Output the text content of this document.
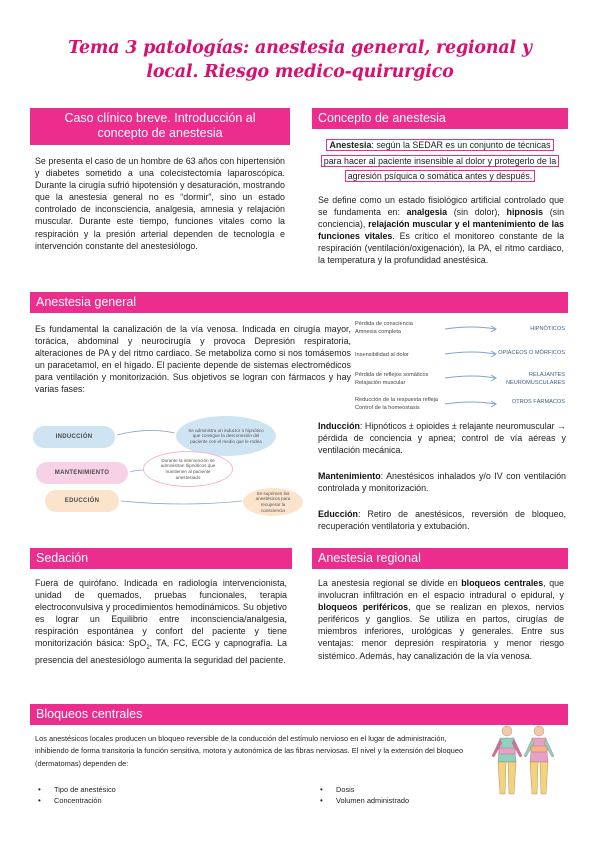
Tema 3 patologías: anestesia general, regional y local. Riesgo medico-quirurgico
Caso clínico breve. Introducción al
concepto de anestesia
Se presenta el caso de un hombre de 63 años con hipertensión y diabetes sometido a una colecistectomía laparoscópica. Durante la cirugía sufrió hipotensión y desaturación, mostrando que la anestesia general no es “dormir”, sino un estado controlado de inconsciencia, analgesia, amnesia y relajación muscular. Durante este tiempo, funciones vitales como la respiración y la presión arterial dependen de tecnología e intervención constante del anestesiólogo.
Concepto de anestesia
Anestesia: según la SEDAR es un conjunto de técnicas
para hacer al paciente insensible al dolor y protegerlo de la
agresión psíquica o somática antes y después.
Se define como un estado fisiológico artificial controlado que se fundamenta en: analgesia (sin dolor), hipnosis (sin conciencia), relajación muscular y el mantenimiento de las funciones vitales. Es crítico el monitoreo constante de la respiración (ventilación/oxigenación), la PA, el ritmo cardiaco, la temperatura y la profundidad anestésica.
Anestesia general
Es fundamental la canalización de la vía venosa. Indicada en cirugía mayor, torácica, abdominal y neurocirugía y provoca Depresión respiratoria, alteraciones de PA y del ritmo cardiaco. Se metaboliza como si nos tomásemos un paracetamol, en el hígado. El paciente depende de sistemas electromédicos para ventilación y monitorización. Sus objetivos se logran con fármacos y hay varias fases:
Pérdida de consciencia
Amnesia completa	HIPNÓTICOS
Insensibilidad al dolor	OPIÁCEOS O MÓRFICOS
Pérdida de reflejos somáticos
Relajación muscular
RELAJANTES
NEUROMUSCULARES
Reducción de la respuesta refleja
Control de la homeostasis
OTROS FÁRMACOS
INDUCCIÓN
MANTENIMIENTO
EDUCCIÓN
Se administra un inductor o hipnótico que consigue la desconexión del paciente con el medio que le rodea
Durante la intervención se administran hipnóticos que mantienen al paciente anestesiado
Se suprimen los anestésicos para recuperar la consciencia
Inducción: Hipnóticos ± opioides ± relajante neuromuscular → pérdida de conciencia y apnea; control de vía aéreas y ventilación mecánica.
Mantenimiento: Anestésicos inhalados y/o IV con ventilación controlada y monitorización.
Educción: Retiro de anestésicos, reversión de bloqueo, recuperación ventilatoria y extubación.
Sedación
Fuera de quirófano. Indicada en radiología intervencionista, unidad de quemados, pruebas funcionales, terapia electroconvulsiva y procedimientos hemodinámicos. Su objetivo es lograr un Equilibrio entre inconsciencia/analgesia, respiración espontánea y confort del paciente y tiene monitorización básica: SpO$_2$, TA, FC, ECG y capnografía. La presencia del anestesiólogo aumenta la seguridad del paciente.
Anestesia regional
La anestesia regional se divide en bloqueos centrales, que involucran infiltración en el espacio intradural o epidural, y bloqueos periféricos, que se realizan en plexos, nervios periféricos y ganglios. Se utiliza en partos, cirugías de miembros inferiores, urológicas y generales. Entre sus ventajas: menor depresión respiratoria y menor riesgo sistémico. Además, hay canalización de la vía venosa.
Bloqueos centrales
Los anestésicos locales producen un bloqueo reversible de la conducción del estímulo nervioso en el lugar de administración, inhibiendo de forma transitoria la función sensitiva, motora y autonómica de las fibras nerviosas. El nivel y la extensión del bloqueo (dermatomas) dependen de:
• Tipo de anestésico
• Concentración
• Dosis
• Volumen administrado
